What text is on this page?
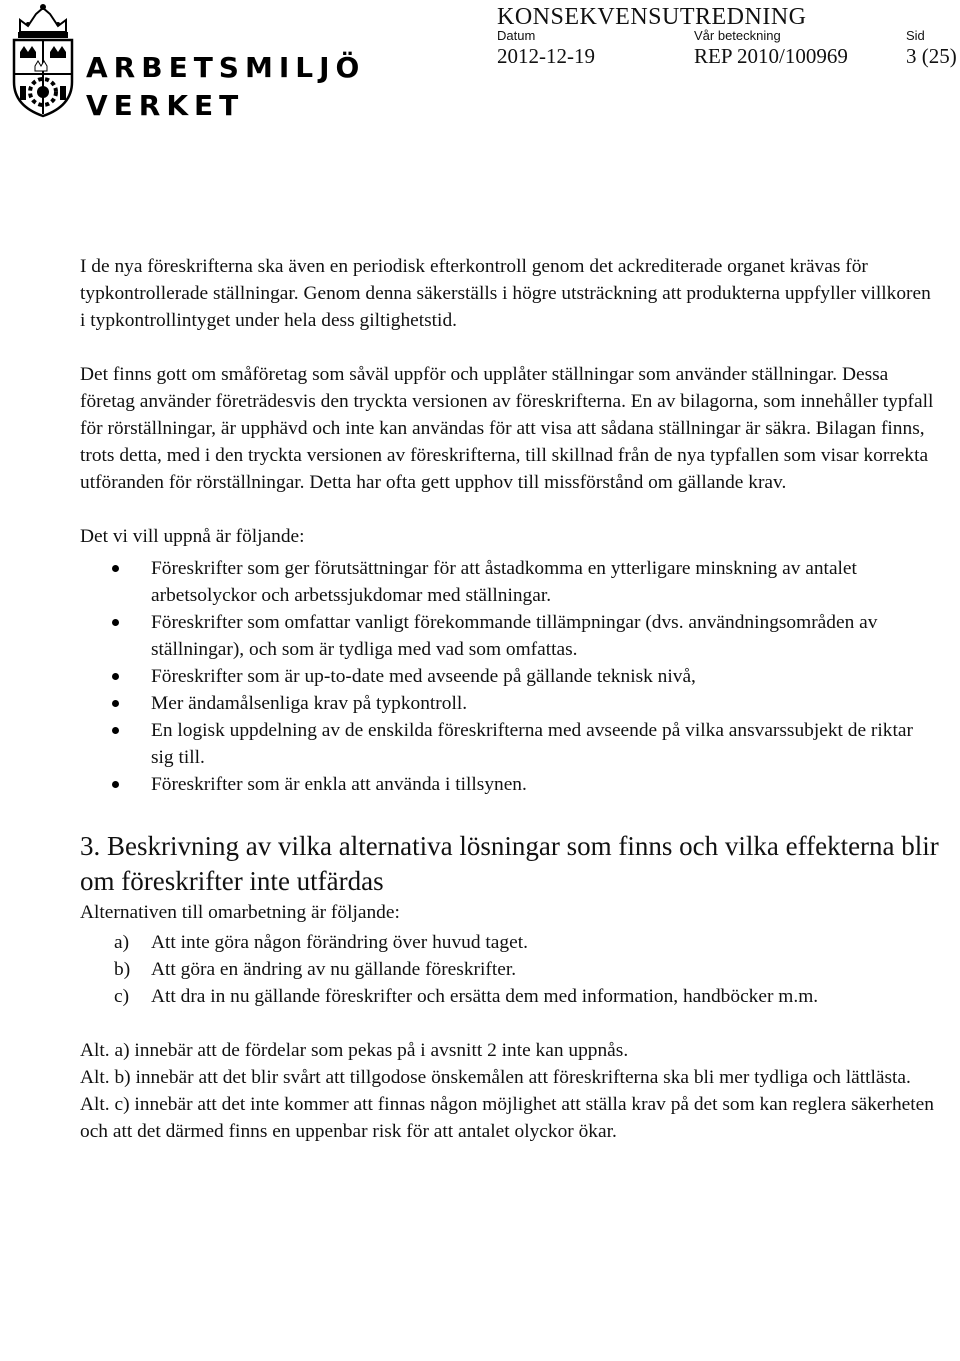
ARBETSMILJÖ
VERKET
KONSEKVENSUTREDNING
Datum	Vår beteckning	Sid
2012-12-19	REP 2010/100969	3 (25)

I de nya föreskrifterna ska även en periodisk efterkontroll genom det ackrediterade organet krävas för typkontrollerade ställningar. Genom denna säkerställs i högre utsträckning att produkterna uppfyller villkoren i typkontrollintyget under hela dess giltighetstid.

Det finns gott om småföretag som såväl uppför och upplåter ställningar som använder ställningar. Dessa företag använder företrädesvis den tryckta versionen av föreskrifterna. En av bilagorna, som innehåller typfall för rörställningar, är upphävd och inte kan användas för att visa att sådana ställningar är säkra. Bilagan finns, trots detta, med i den tryckta versionen av föreskrifterna, till skillnad från de nya typfallen som visar korrekta utföranden för rörställningar. Detta har ofta gett upphov till missförstånd om gällande krav.

Det vi vill uppnå är följande:

Föreskrifter som ger förutsättningar för att åstadkomma en ytterligare minskning av antalet arbetsolyckor och arbetssjukdomar med ställningar.
Föreskrifter som omfattar vanligt förekommande tillämpningar (dvs. användningsområden av ställningar), och som är tydliga med vad som omfattas.
Föreskrifter som är up-to-date med avseende på gällande teknisk nivå,
Mer ändamålsenliga krav på typkontroll.
En logisk uppdelning av de enskilda föreskrifterna med avseende på vilka ansvarssubjekt de riktar sig till.
Föreskrifter som är enkla att använda i tillsynen.
3. Beskrivning av vilka alternativa lösningar som finns och vilka effekterna blir om föreskrifter inte utfärdas

Alternativen till omarbetning är följande:

a) Att inte göra någon förändring över huvud taget.
b) Att göra en ändring av nu gällande föreskrifter.
c) Att dra in nu gällande föreskrifter och ersätta dem med information, handböcker m.m.

Alt. a) innebär att de fördelar som pekas på i avsnitt 2 inte kan uppnås.

Alt. b) innebär att det blir svårt att tillgodose önskemålen att föreskrifterna ska bli mer tydliga och lättlästa.

Alt. c) innebär att det inte kommer att finnas någon möjlighet att ställa krav på det som kan reglera säkerheten och att det därmed finns en uppenbar risk för att antalet olyckor ökar.
